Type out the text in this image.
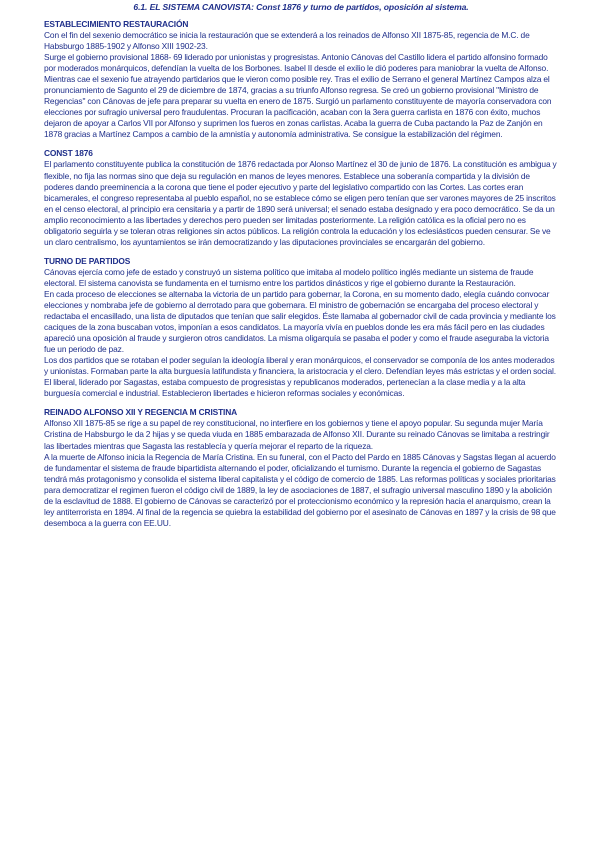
6.1. EL SISTEMA CANOVISTA: Const 1876 y turno de partidos, oposición al sistema.
ESTABLECIMIENTO RESTAURACIÓN
Con el fin del sexenio democrático se inicia la restauración que se extenderá a los reinados de Alfonso XII 1875-85, regencia de M.C. de Habsburgo 1885-1902 y Alfonso XIII 1902-23.
Surge el gobierno provisional 1868- 69 liderado por unionistas y progresistas. Antonio Cánovas del Castillo lidera el partido alfonsino formado por moderados monárquicos, defendían la vuelta de los Borbones. Isabel II desde el exilio le dió poderes para maniobrar la vuelta de Alfonso. Mientras cae el sexenio fue atrayendo partidarios que le vieron como posible rey. Tras el exilio de Serrano el general Martínez Campos alza el pronunciamiento de Sagunto el 29 de diciembre de 1874, gracias a su triunfo Alfonso regresa. Se creó un gobierno provisional "Ministro de Regencias" con Cánovas de jefe para preparar su vuelta en enero de 1875. Surgió un parlamento constituyente de mayoría conservadora con elecciones por sufragio universal pero fraudulentas. Procuran la pacificación, acaban con la 3era guerra carlista en 1876 con éxito, muchos dejaron de apoyar a Carlos VII por Alfonso y suprimen los fueros en zonas carlistas. Acaba la guerra de Cuba pactando la Paz de Zanjón en 1878 gracias a Martínez Campos a cambio de la amnistía y autonomía administrativa. Se consigue la estabilización del régimen.
CONST 1876
El parlamento constituyente publica la constitución de 1876 redactada por Alonso Martínez el 30 de junio de 1876. La constitución es ambigua y flexible, no fija las normas sino que deja su regulación en manos de leyes menores. Establece una soberanía compartida y la división de poderes dando preeminencia a la corona que tiene el poder ejecutivo y parte del legislativo compartido con las Cortes. Las cortes eran bicamerales, el congreso representaba al pueblo español, no se establece cómo se eligen pero tenían que ser varones mayores de 25 inscritos en el censo electoral, al principio era censitaria y a partir de 1890 será universal; el senado estaba designado y era poco democrático. Se da un amplio reconocimiento a las libertades y derechos pero pueden ser limitadas posteriormente. La religión católica es la oficial pero no es obligatorio seguirla y se toleran otras religiones sin actos públicos. La religión controla la educación y los eclesiásticos pueden censurar. Se ve un claro centralismo, los ayuntamientos se irán democratizando y las diputaciones provinciales se encargarán del gobierno.
TURNO DE PARTIDOS
Cánovas ejercía como jefe de estado y construyó un sistema político que imitaba al modelo político inglés mediante un sistema de fraude electoral. El sistema canovista se fundamenta en el turnismo entre los partidos dinásticos y rige el gobierno durante la Restauración.
En cada proceso de elecciones se alternaba la victoria de un partido para gobernar, la Corona, en su momento dado, elegía cuándo convocar elecciones y nombraba jefe de gobierno al derrotado para que gobernara. El ministro de gobernación se encargaba del proceso electoral y redactaba el encasillado, una lista de diputados que tenían que salir elegidos. Éste llamaba al gobernador civil de cada provincia y mediante los caciques de la zona buscaban votos, imponían a esos candidatos. La mayoría vivía en pueblos donde les era más fácil pero en las ciudades apareció una oposición al fraude y surgieron otros candidatos. La misma oligarquía se pasaba el poder y como el fraude aseguraba la victoria fue un periodo de paz.
Los dos partidos que se rotaban el poder seguían la ideología liberal y eran monárquicos, el conservador se componía de los antes moderados y unionistas. Formaban parte la alta burguesía latifundista y financiera, la aristocracia y el clero. Defendían leyes más estrictas y el orden social. El liberal, liderado por Sagastas, estaba compuesto de progresistas y republicanos moderados, pertenecían a la clase media y a la alta burguesía comercial e industrial. Establecieron libertades e hicieron reformas sociales y económicas.
REINADO ALFONSO XII Y REGENCIA M CRISTINA
Alfonso XII 1875-85 se rige a su papel de rey constitucional, no interfiere en los gobiernos y tiene el apoyo popular. Su segunda mujer María Cristina de Habsburgo le da 2 hijas y se queda viuda en 1885 embarazada de Alfonso XII. Durante su reinado Cánovas se limitaba a restringir las libertades mientras que Sagasta las restablecía y quería mejorar el reparto de la riqueza.
A la muerte de Alfonso inicia la Regencia de María Cristina. En su funeral, con el Pacto del Pardo en 1885 Cánovas y Sagstas llegan al acuerdo de fundamentar el sistema de fraude bipartidista alternando el poder, oficializando el turnismo. Durante la regencia el gobierno de Sagastas tendrá más protagonismo y consolida el sistema liberal capitalista y el código de comercio de 1885. Las reformas políticas y sociales prioritarias para democratizar el regimen fueron el código civil de 1889, la ley de asociaciones de 1887, el sufragio universal masculino 1890 y la abolición de la esclavitud de 1888. El gobierno de Cánovas se caracterizó por el proteccionismo económico y la represión hacia el anarquismo, crean la ley antiterrorista en 1894. Al final de la regencia se quiebra la estabilidad del gobierno por el asesinato de Cánovas en 1897 y la crisis de 98 que desemboca a la guerra con EE.UU.
